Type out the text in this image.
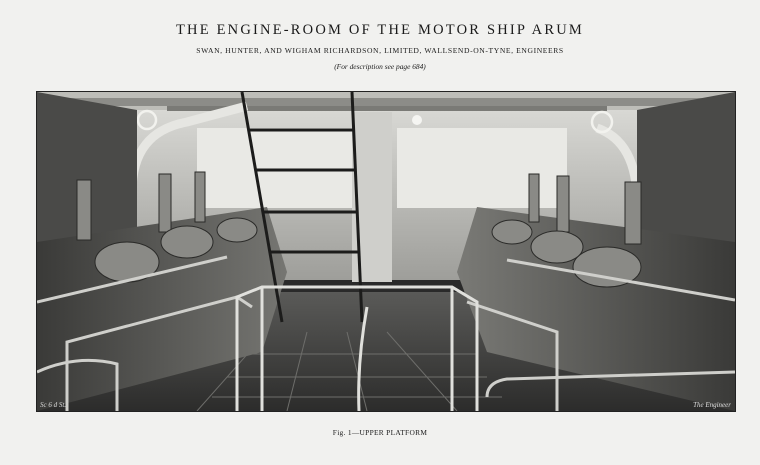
THE ENGINE-ROOM OF THE MOTOR SHIP ARUM
SWAN, HUNTER, AND WIGHAM RICHARDSON, LIMITED, WALLSEND-ON-TYNE, ENGINEERS
(For description see page 684)
Sc 6 d St.	The Engineer
Fig. 1—UPPER PLATFORM
